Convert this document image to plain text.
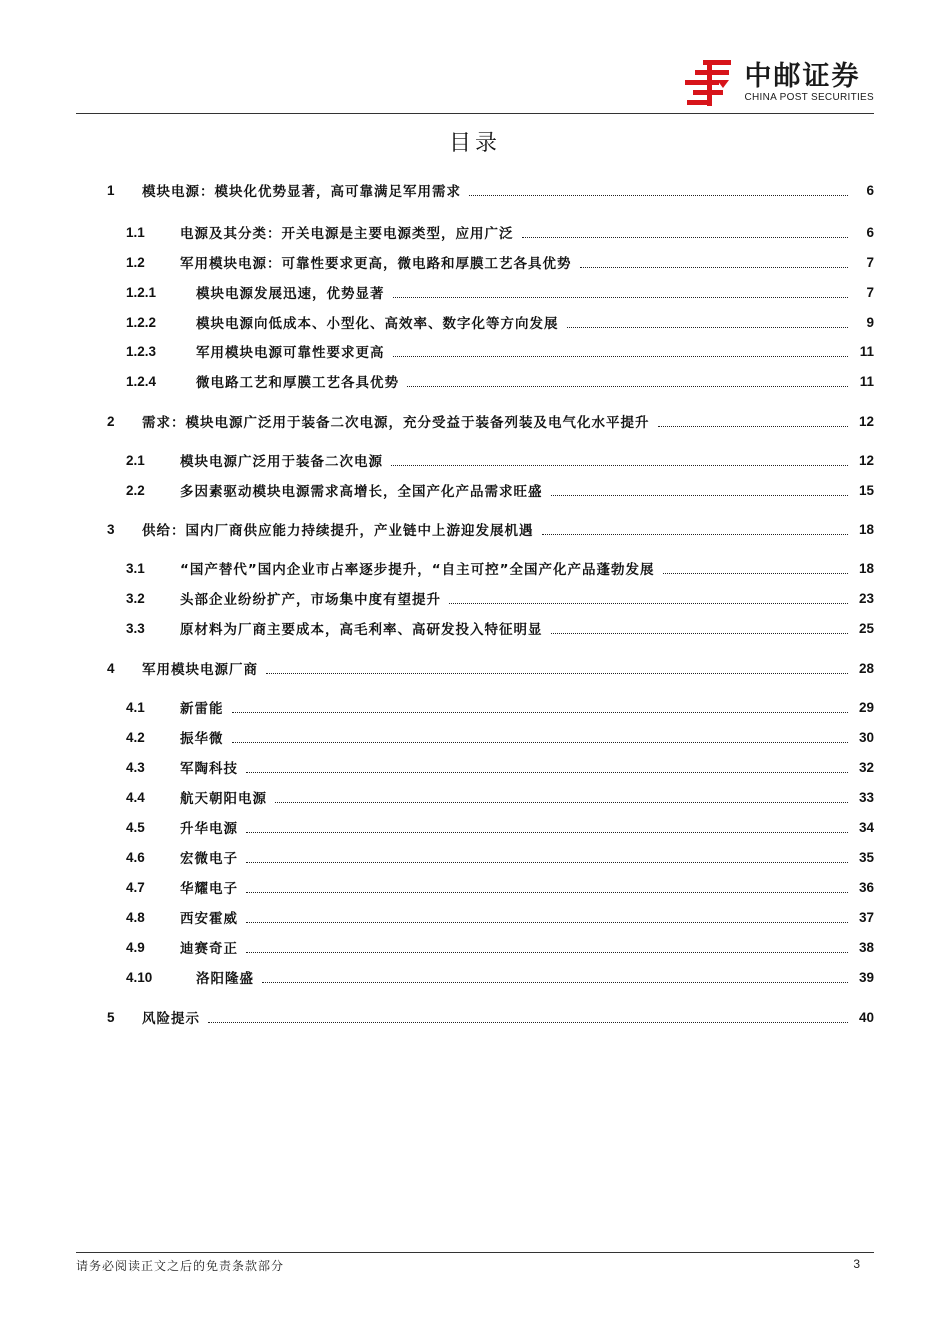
中邮证券
CHINA POST SECURITIES
目录
1	模块电源：模块化优势显著，高可靠满足军用需求	6
1.1	电源及其分类：开关电源是主要电源类型，应用广泛	6
1.2	军用模块电源：可靠性要求更高，微电路和厚膜工艺各具优势	7
1.2.1	模块电源发展迅速，优势显著	7
1.2.2	模块电源向低成本、小型化、高效率、数字化等方向发展	9
1.2.3	军用模块电源可靠性要求更高	11
1.2.4	微电路工艺和厚膜工艺各具优势	11
2	需求：模块电源广泛用于装备二次电源，充分受益于装备列装及电气化水平提升	12
2.1	模块电源广泛用于装备二次电源	12
2.2	多因素驱动模块电源需求高增长，全国产化产品需求旺盛	15
3	供给：国内厂商供应能力持续提升，产业链中上游迎发展机遇	18
3.1	“国产替代”国内企业市占率逐步提升，“自主可控”全国产化产品蓬勃发展	18
3.2	头部企业纷纷扩产，市场集中度有望提升	23
3.3	原材料为厂商主要成本，高毛利率、高研发投入特征明显	25
4	军用模块电源厂商	28
4.1	新雷能	29
4.2	振华微	30
4.3	军陶科技	32
4.4	航天朝阳电源	33
4.5	升华电源	34
4.6	宏微电子	35
4.7	华耀电子	36
4.8	西安霍威	37
4.9	迪赛奇正	38
4.10	洛阳隆盛	39
5	风险提示	40
请务必阅读正文之后的免责条款部分	3
